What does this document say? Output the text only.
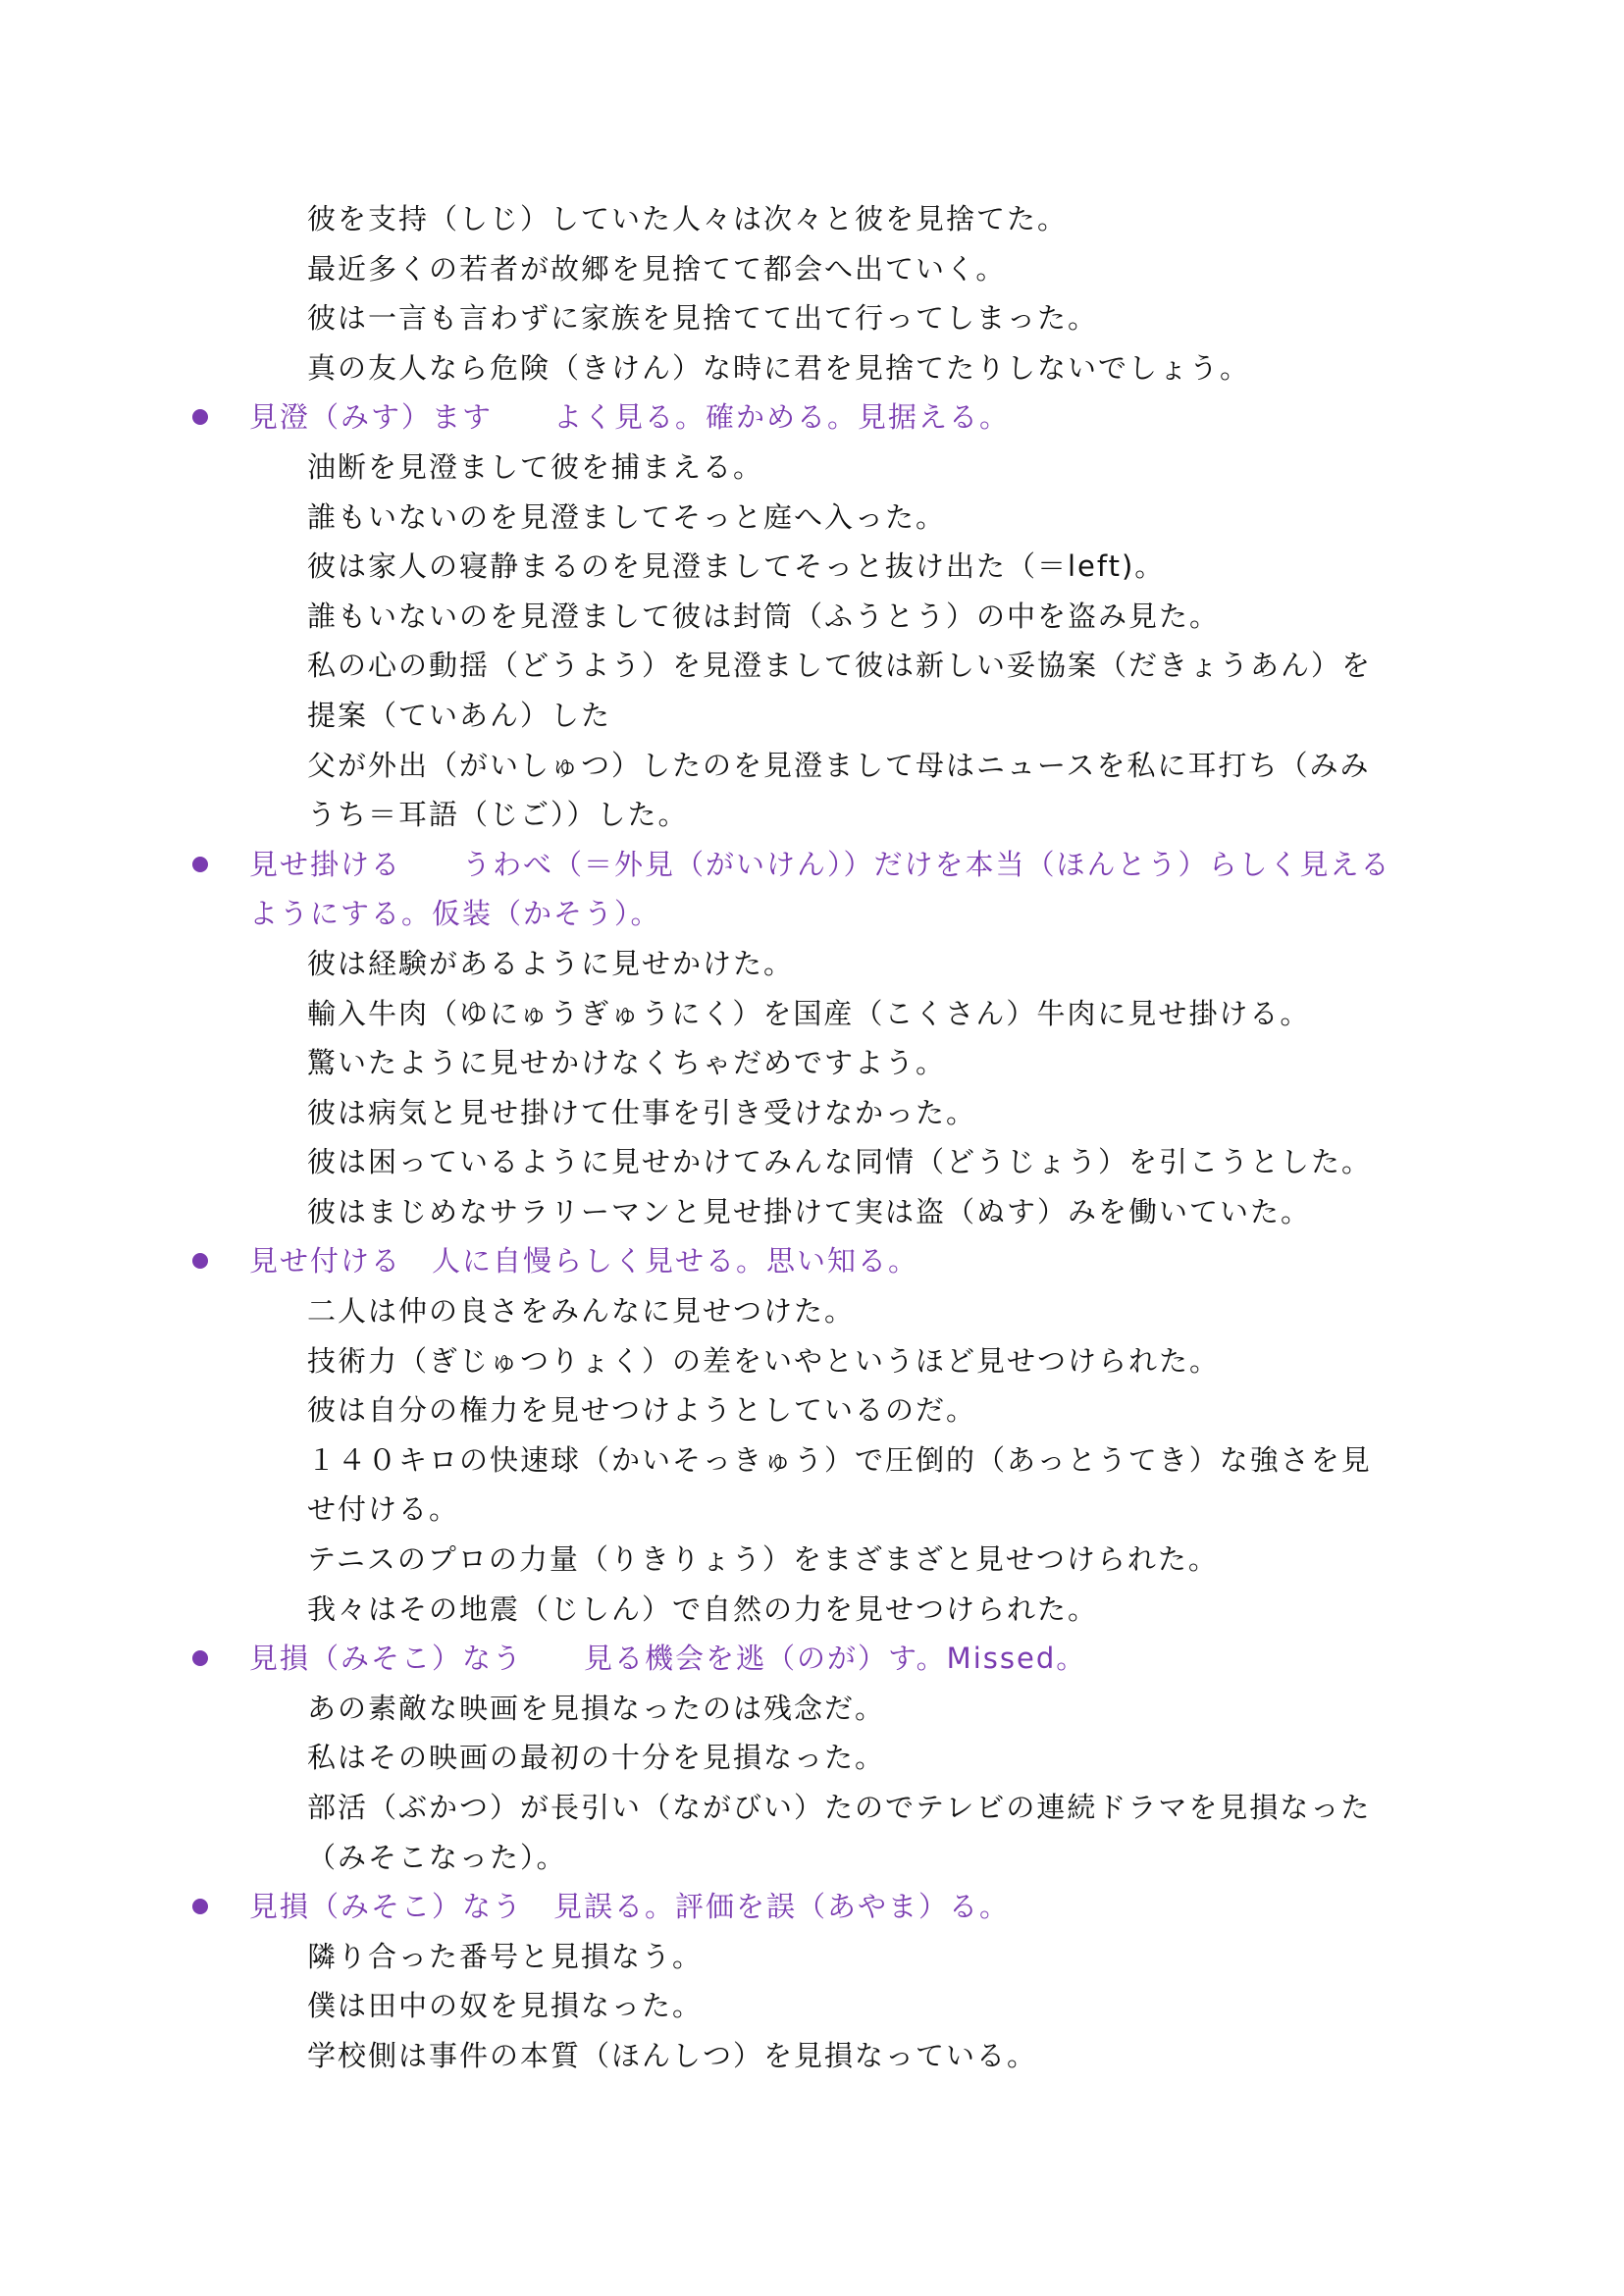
彼を支持（しじ）していた人々は次々と彼を見捨てた。
最近多くの若者が故郷を見捨てて都会へ出ていく。
彼は一言も言わずに家族を見捨てて出て行ってしまった。
真の友人なら危険（きけん）な時に君を見捨てたりしないでしょう。
見澄（みす）ます　　よく見る。確かめる。見据える。
油断を見澄まして彼を捕まえる。
誰もいないのを見澄ましてそっと庭へ入った。
彼は家人の寝静まるのを見澄ましてそっと抜け出た（＝left)。
誰もいないのを見澄まして彼は封筒（ふうとう）の中を盗み見た。
私の心の動揺（どうよう）を見澄まして彼は新しい妥協案（だきょうあん）を
提案（ていあん）した
父が外出（がいしゅつ）したのを見澄まして母はニュースを私に耳打ち（みみ
うち＝耳語（じご））した。
見せ掛ける　　うわべ（＝外見（がいけん））だけを本当（ほんとう）らしく見える
ようにする。仮装（かそう）。
彼は経験があるように見せかけた。
輸入牛肉（ゆにゅうぎゅうにく）を国産（こくさん）牛肉に見せ掛ける。
驚いたように見せかけなくちゃだめですよう。
彼は病気と見せ掛けて仕事を引き受けなかった。
彼は困っているように見せかけてみんな同情（どうじょう）を引こうとした。
彼はまじめなサラリーマンと見せ掛けて実は盗（ぬす）みを働いていた。
見せ付ける　人に自慢らしく見せる。思い知る。
二人は仲の良さをみんなに見せつけた。
技術力（ぎじゅつりょく）の差をいやというほど見せつけられた。
彼は自分の権力を見せつけようとしているのだ。
１４０キロの快速球（かいそっきゅう）で圧倒的（あっとうてき）な強さを見
せ付ける。
テニスのプロの力量（りきりょう）をまざまざと見せつけられた。
我々はその地震（じしん）で自然の力を見せつけられた。
見損（みそこ）なう　　見る機会を逃（のが）す。Missed。
あの素敵な映画を見損なったのは残念だ。
私はその映画の最初の十分を見損なった。
部活（ぶかつ）が長引い（ながびい）たのでテレビの連続ドラマを見損なった
（みそこなった）。
見損（みそこ）なう　見誤る。評価を誤（あやま）る。
隣り合った番号と見損なう。
僕は田中の奴を見損なった。
学校側は事件の本質（ほんしつ）を見損なっている。
